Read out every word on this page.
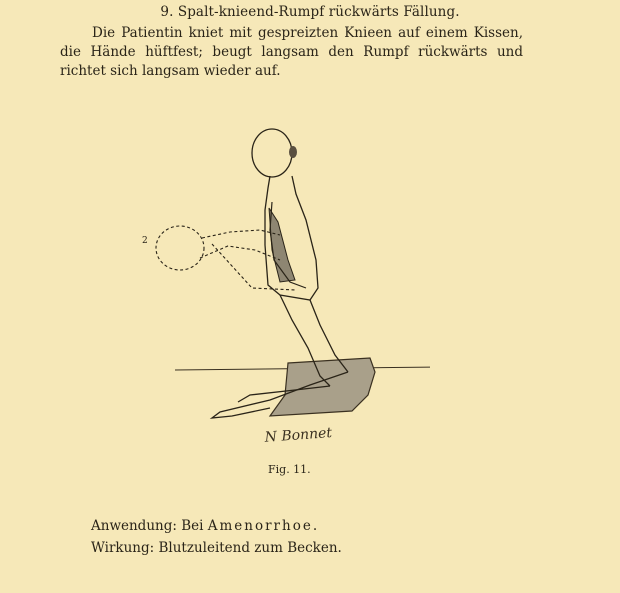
9. Spalt-knieend-Rumpf rückwärts Fällung.
Die Patientin kniet mit gespreizten Knieen auf einem Kissen, die Hände hüftfest; beugt langsam den Rumpf rückwärts und richtet sich langsam wieder auf.
2
N Bonnet
Fig. 11.
Anwendung: Bei Amenorrhoe.
Wirkung: Blutzuleitend zum Becken.
